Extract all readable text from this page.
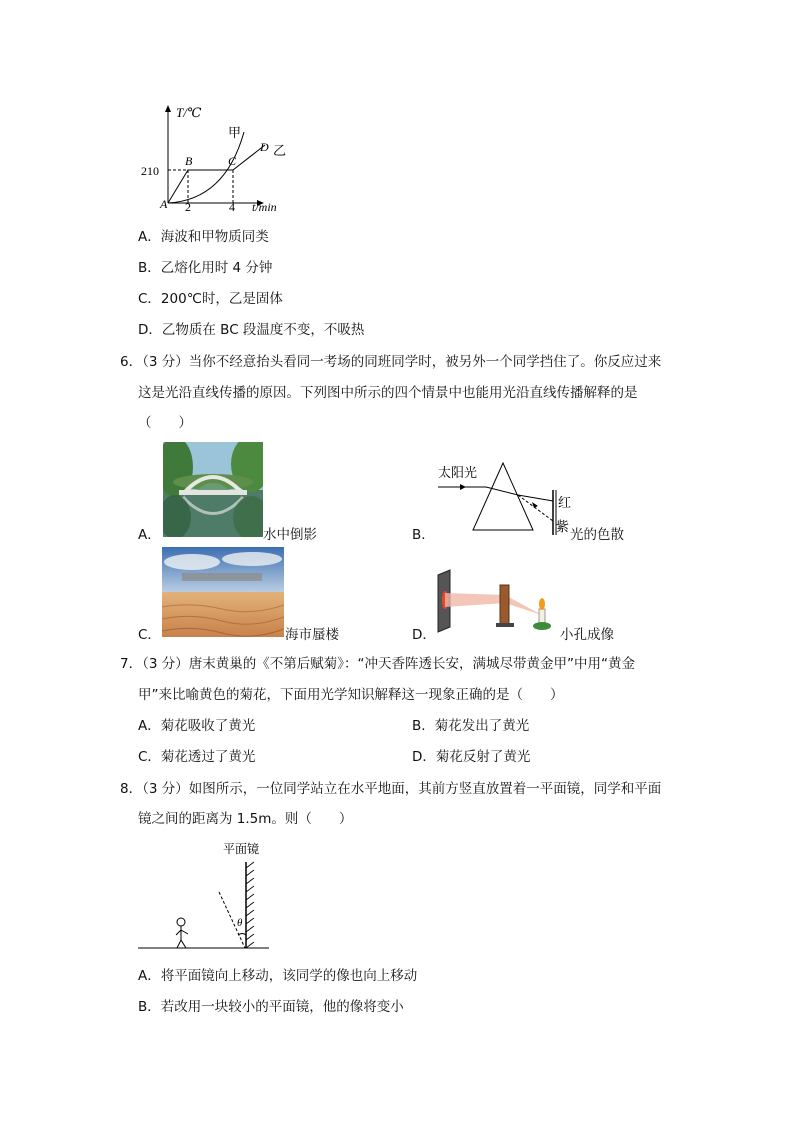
T/℃
t/min
210
2	4
A
B	C
D
甲
乙
A．海波和甲物质同类
B．乙熔化用时 4 分钟
C．200℃时，乙是固体
D．乙物质在 BC 段温度不变，不吸热
6．（3 分）当你不经意抬头看同一考场的同班同学时，被另外一个同学挡住了。你反应过来
这是光沿直线传播的原因。下列图中所示的四个情景中也能用光沿直线传播解释的是
（　　）
A．	水中倒影	B．
太阳光
红
紫
光的色散
C．	海市蜃楼	D．	小孔成像
7．（3 分）唐末黄巢的《不第后赋菊》：“冲天香阵透长安，满城尽带黄金甲”中用“黄金
甲”来比喻黄色的菊花，下面用光学知识解释这一现象正确的是（　　）
A．菊花吸收了黄光	B．菊花发出了黄光
C．菊花透过了黄光	D．菊花反射了黄光
8．（3 分）如图所示，一位同学站立在水平地面，其前方竖直放置着一平面镜，同学和平面
镜之间的距离为 1.5m。则（　　）
平面镜
θ
A．将平面镜向上移动，该同学的像也向上移动
B．若改用一块较小的平面镜，他的像将变小
